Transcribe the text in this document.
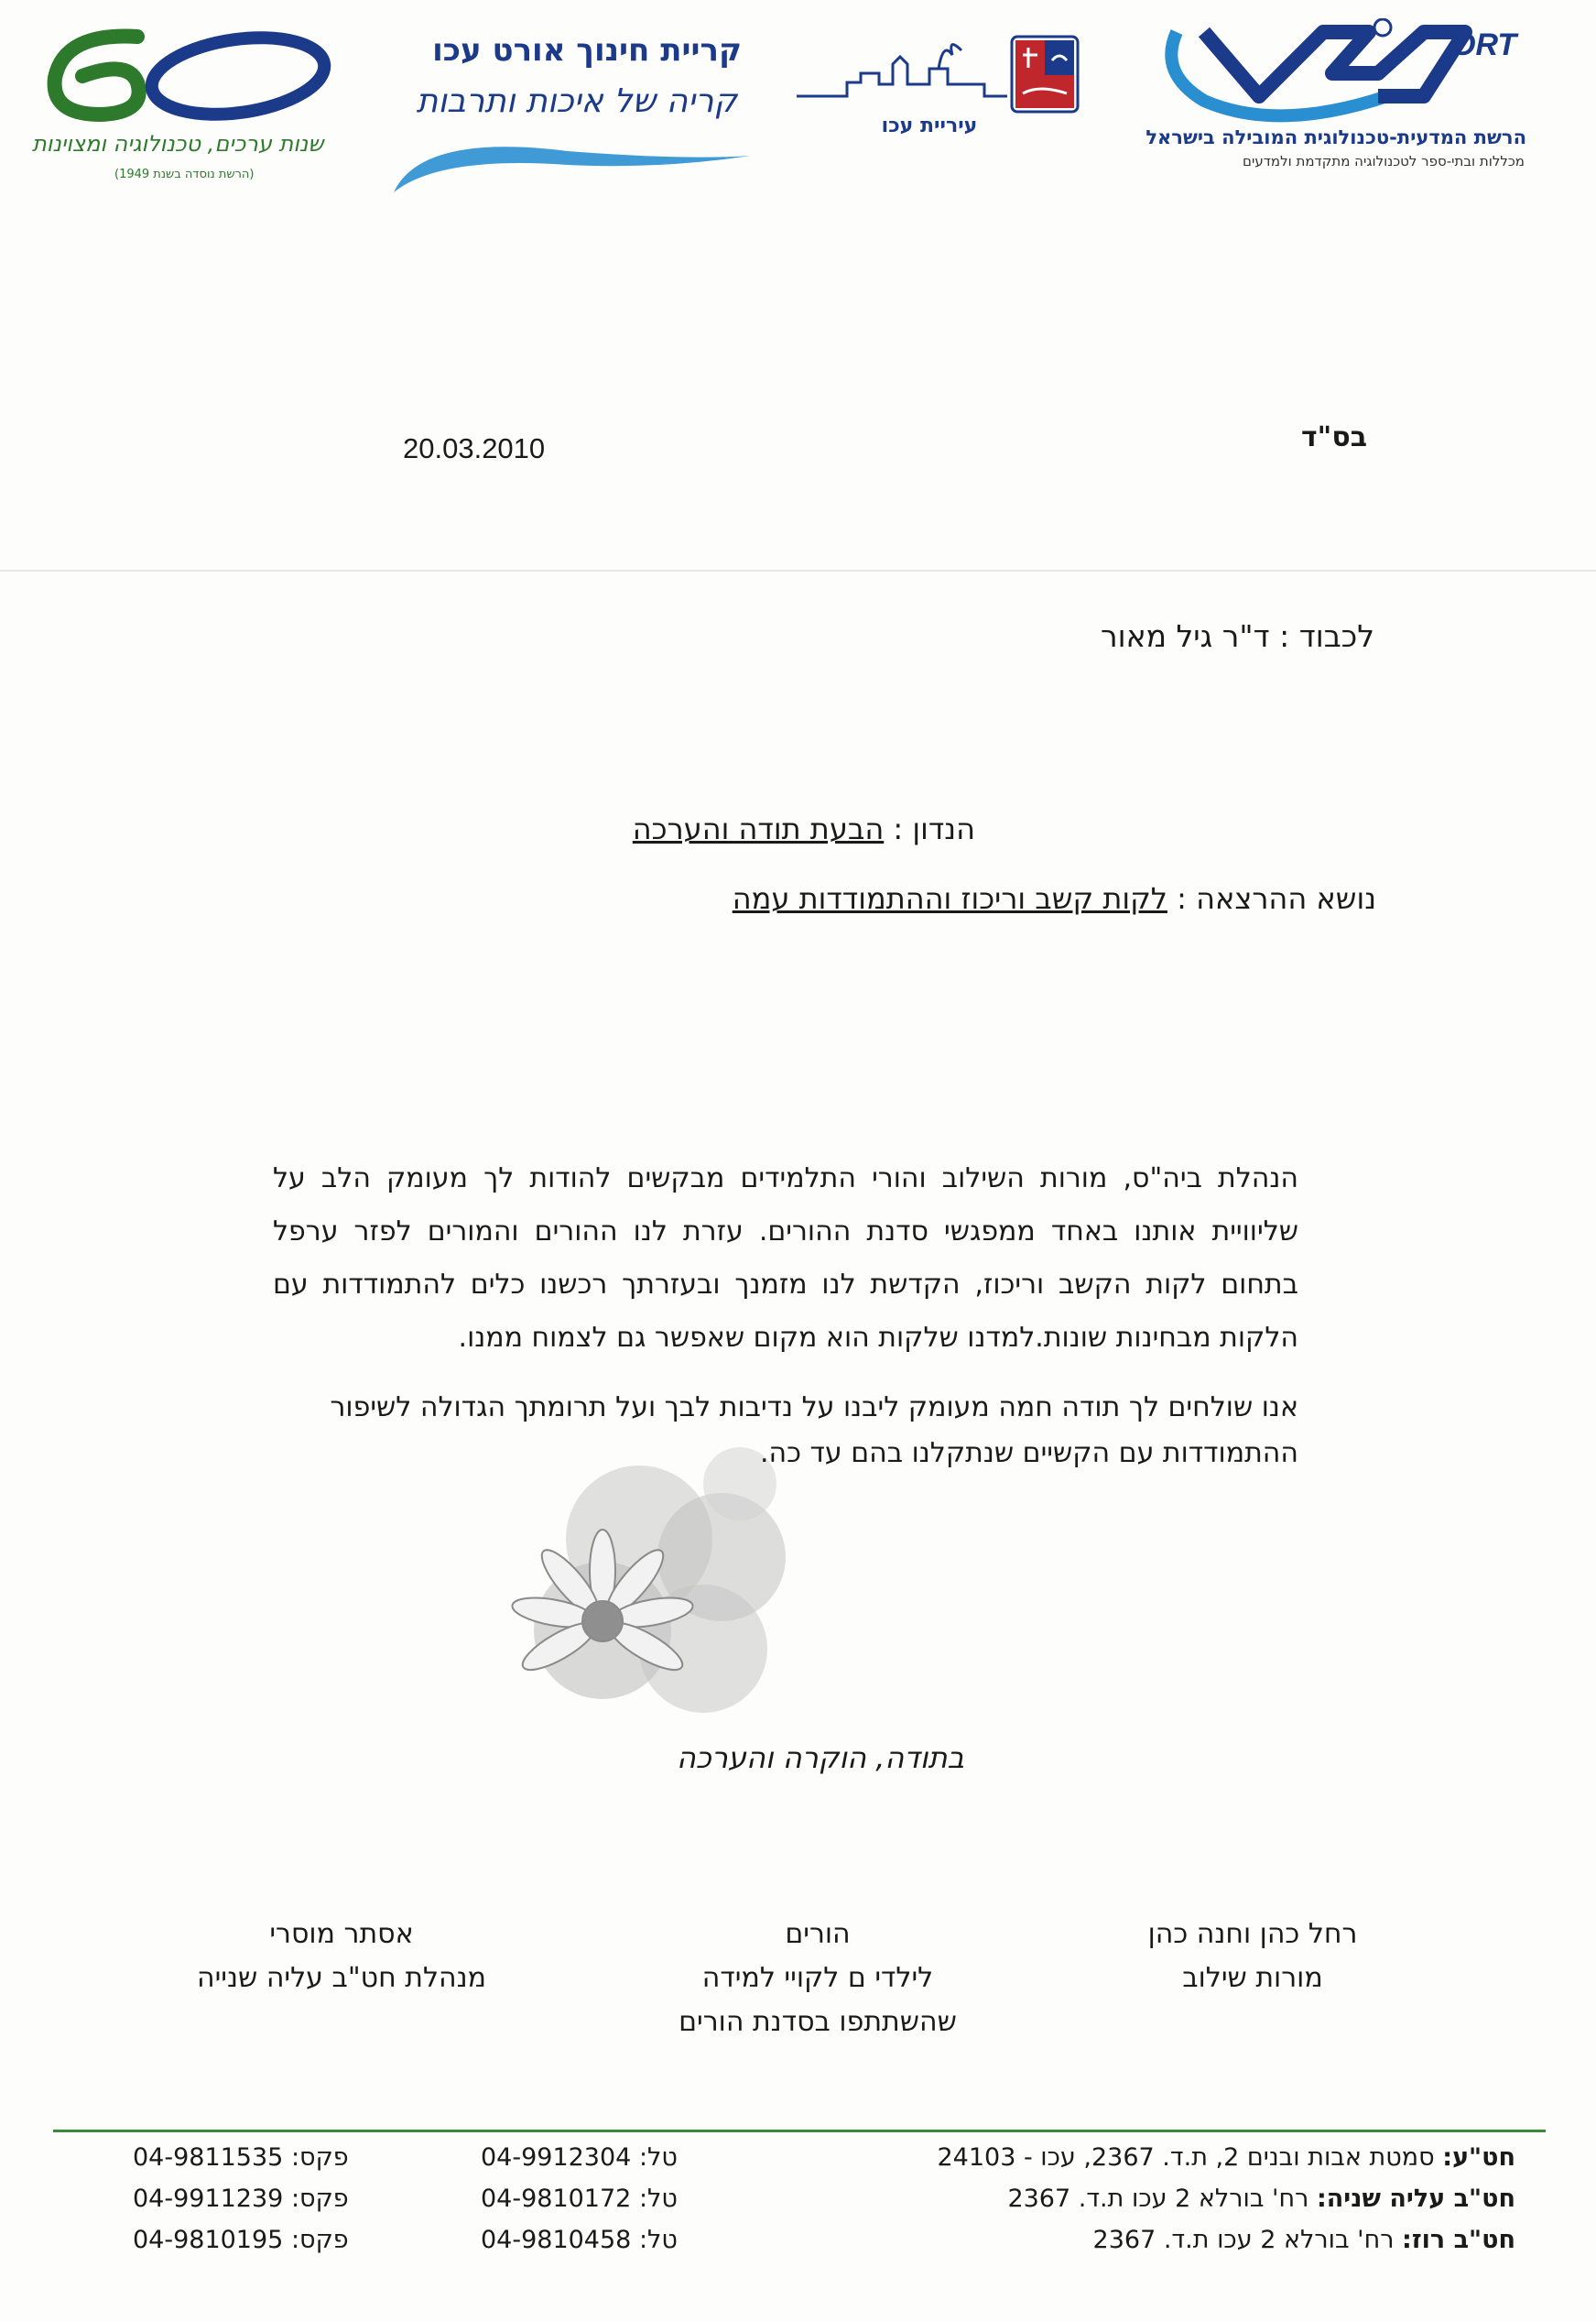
ORT
הרשת המדעית-טכנולוגית המובילה בישראל
מכללות ובתי-ספר לטכנולוגיה מתקדמת ולמדעים
עיריית עכו
קריית חינוך אורט עכו
קריה של איכות ותרבות
שנות ערכים, טכנולוגיה ומצוינות
(הרשת נוסדה בשנת 1949)
בס"ד
20.03.2010
לכבוד : ד"ר גיל מאור
הנדון : הבעת תודה והערכה
נושא ההרצאה : לקות קשב וריכוז וההתמודדות עמה
הנהלת ביה"ס, מורות השילוב והורי התלמידים מבקשים להודות לך מעומק הלב על שליוויית אותנו באחד ממפגשי סדנת ההורים. עזרת לנו ההורים והמורים לפזר ערפל בתחום לקות הקשב וריכוז, הקדשת לנו מזמנך ובעזרתך רכשנו כלים להתמודדות עם הלקות מבחינות שונות.למדנו שלקות הוא מקום שאפשר גם לצמוח ממנו.
אנו שולחים לך תודה חמה מעומק ליבנו על נדיבות לבך ועל תרומתך הגדולה לשיפור ההתמודדות עם הקשיים שנתקלנו בהם עד כה.
בתודה, הוקרה והערכה
רחל כהן וחנה כהן
מורות שילוב
הורים
לילדי ם לקויי למידה
שהשתתפו בסדנת הורים
אסתר מוסרי
מנהלת חט"ב עליה שנייה
חט"ע: סמטת אבות ובנים 2, ת.ד. 2367, עכו - 24103
טל: 04-9912304
פקס: 04-9811535
חט"ב עליה שניה: רח' בורלא 2 עכו ת.ד. 2367
טל: 04-9810172
פקס: 04-9911239
חט"ב רוז: רח' בורלא 2 עכו ת.ד. 2367
טל: 04-9810458
פקס: 04-9810195
